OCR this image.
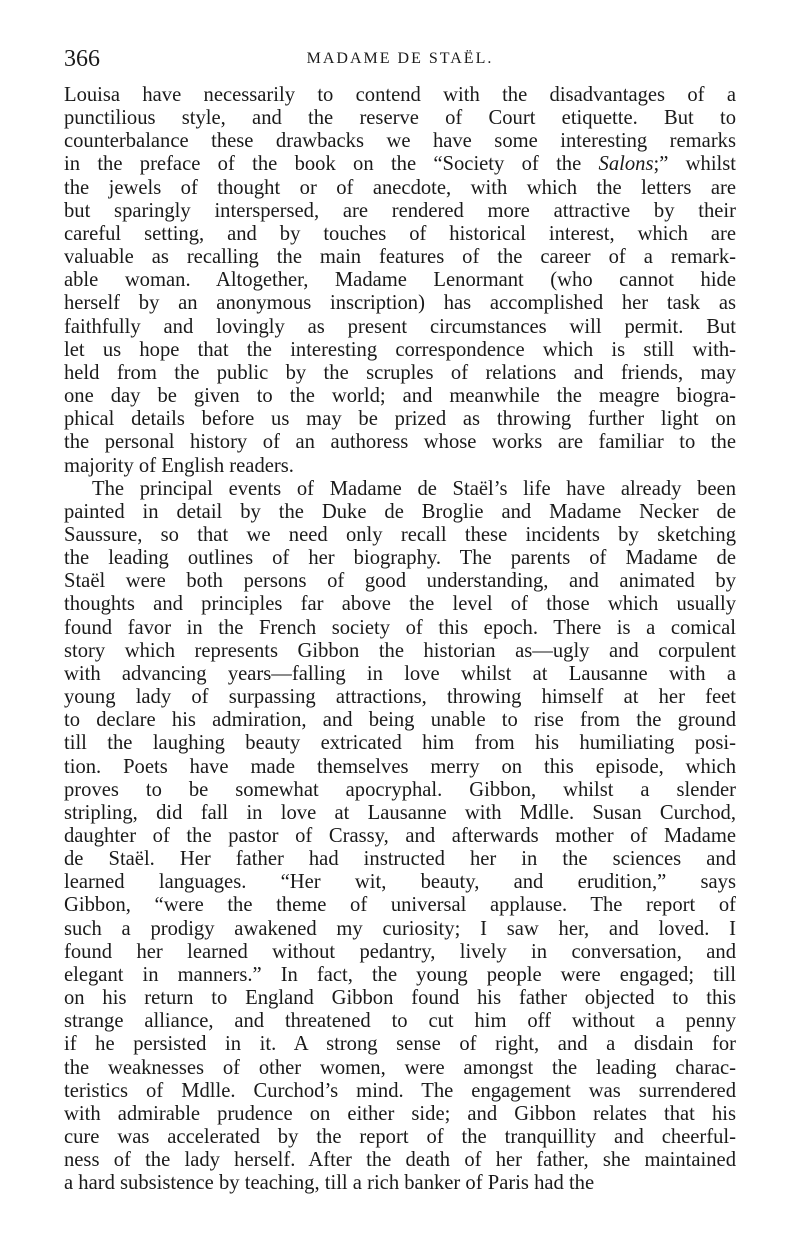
366	MADAME DE STAËL.
Louisa have necessarily to contend with the disadvantages of a
punctilious style, and the reserve of Court etiquette. But to
counterbalance these drawbacks we have some interesting remarks
in the preface of the book on the “Society of the Salons;” whilst
the jewels of thought or of anecdote, with which the letters are
but sparingly interspersed, are rendered more attractive by their
careful setting, and by touches of historical interest, which are
valuable as recalling the main features of the career of a remark-
able woman. Altogether, Madame Lenormant (who cannot hide
herself by an anonymous inscription) has accomplished her task as
faithfully and lovingly as present circumstances will permit. But
let us hope that the interesting correspondence which is still with-
held from the public by the scruples of relations and friends, may
one day be given to the world; and meanwhile the meagre biogra-
phical details before us may be prized as throwing further light on
the personal history of an authoress whose works are familiar to the
majority of English readers.
The principal events of Madame de Staël’s life have already been
painted in detail by the Duke de Broglie and Madame Necker de
Saussure, so that we need only recall these incidents by sketching
the leading outlines of her biography. The parents of Madame de
Staël were both persons of good understanding, and animated by
thoughts and principles far above the level of those which usually
found favor in the French society of this epoch. There is a comical
story which represents Gibbon the historian as—ugly and corpulent
with advancing years—falling in love whilst at Lausanne with a
young lady of surpassing attractions, throwing himself at her feet
to declare his admiration, and being unable to rise from the ground
till the laughing beauty extricated him from his humiliating posi-
tion. Poets have made themselves merry on this episode, which
proves to be somewhat apocryphal. Gibbon, whilst a slender
stripling, did fall in love at Lausanne with Mdlle. Susan Curchod,
daughter of the pastor of Crassy, and afterwards mother of Madame
de Staël. Her father had instructed her in the sciences and
learned languages. “Her wit, beauty, and erudition,” says
Gibbon, “were the theme of universal applause. The report of
such a prodigy awakened my curiosity; I saw her, and loved. I
found her learned without pedantry, lively in conversation, and
elegant in manners.” In fact, the young people were engaged; till
on his return to England Gibbon found his father objected to this
strange alliance, and threatened to cut him off without a penny
if he persisted in it. A strong sense of right, and a disdain for
the weaknesses of other women, were amongst the leading charac-
teristics of Mdlle. Curchod’s mind. The engagement was surrendered
with admirable prudence on either side; and Gibbon relates that his
cure was accelerated by the report of the tranquillity and cheerful-
ness of the lady herself. After the death of her father, she maintained
a hard subsistence by teaching, till a rich banker of Paris had the
